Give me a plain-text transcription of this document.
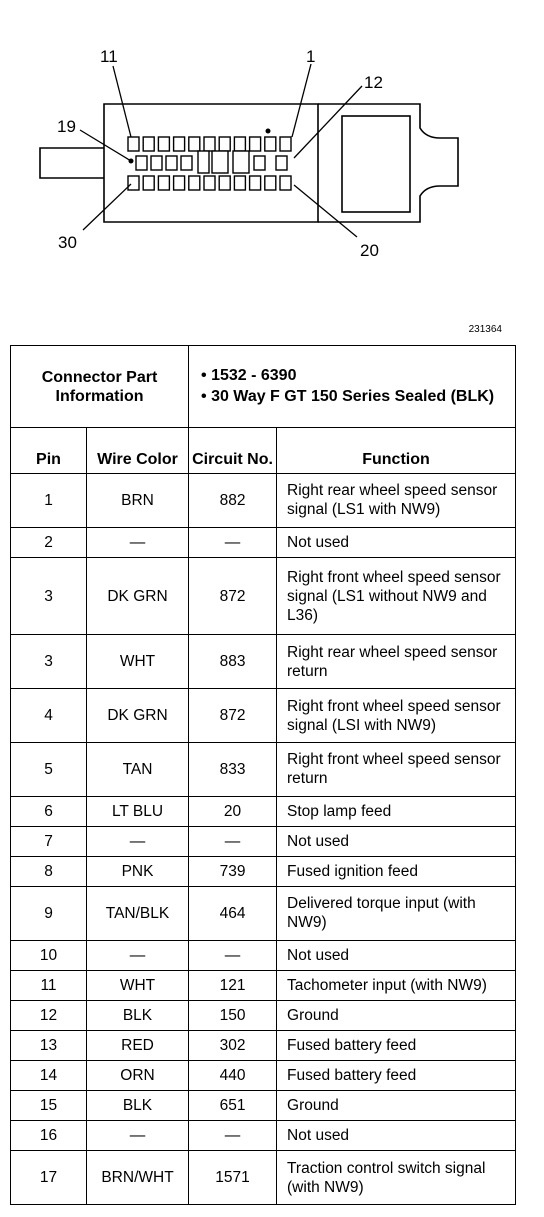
11	1
12
19
30	20
231364
Connector Part Information		• 1532 - 6390
• 30 Way F GT 150 Series Sealed (BLK)	

Pin	Wire Color	Circuit No.	Function
1	BRN	882	Right rear wheel speed sensor signal (LS1 with NW9)
2	—	—	Not used
3	DK GRN	872	Right front wheel speed sensor signal (LS1 without NW9 and L36)
3	WHT	883	Right rear wheel speed sensor return
4	DK GRN	872	Right front wheel speed sensor signal (LSI with NW9)
5	TAN	833	Right front wheel speed sensor return
6	LT BLU	20	Stop lamp feed
7	—	—	Not used
8	PNK	739	Fused ignition feed
9	TAN/BLK	464	Delivered torque input (with NW9)
10	—	—	Not used
11	WHT	121	Tachometer input (with NW9)
12	BLK	150	Ground
13	RED	302	Fused battery feed
14	ORN	440	Fused battery feed
15	BLK	651	Ground
16	—	—	Not used
17	BRN/WHT	1571	Traction control switch signal (with NW9)
